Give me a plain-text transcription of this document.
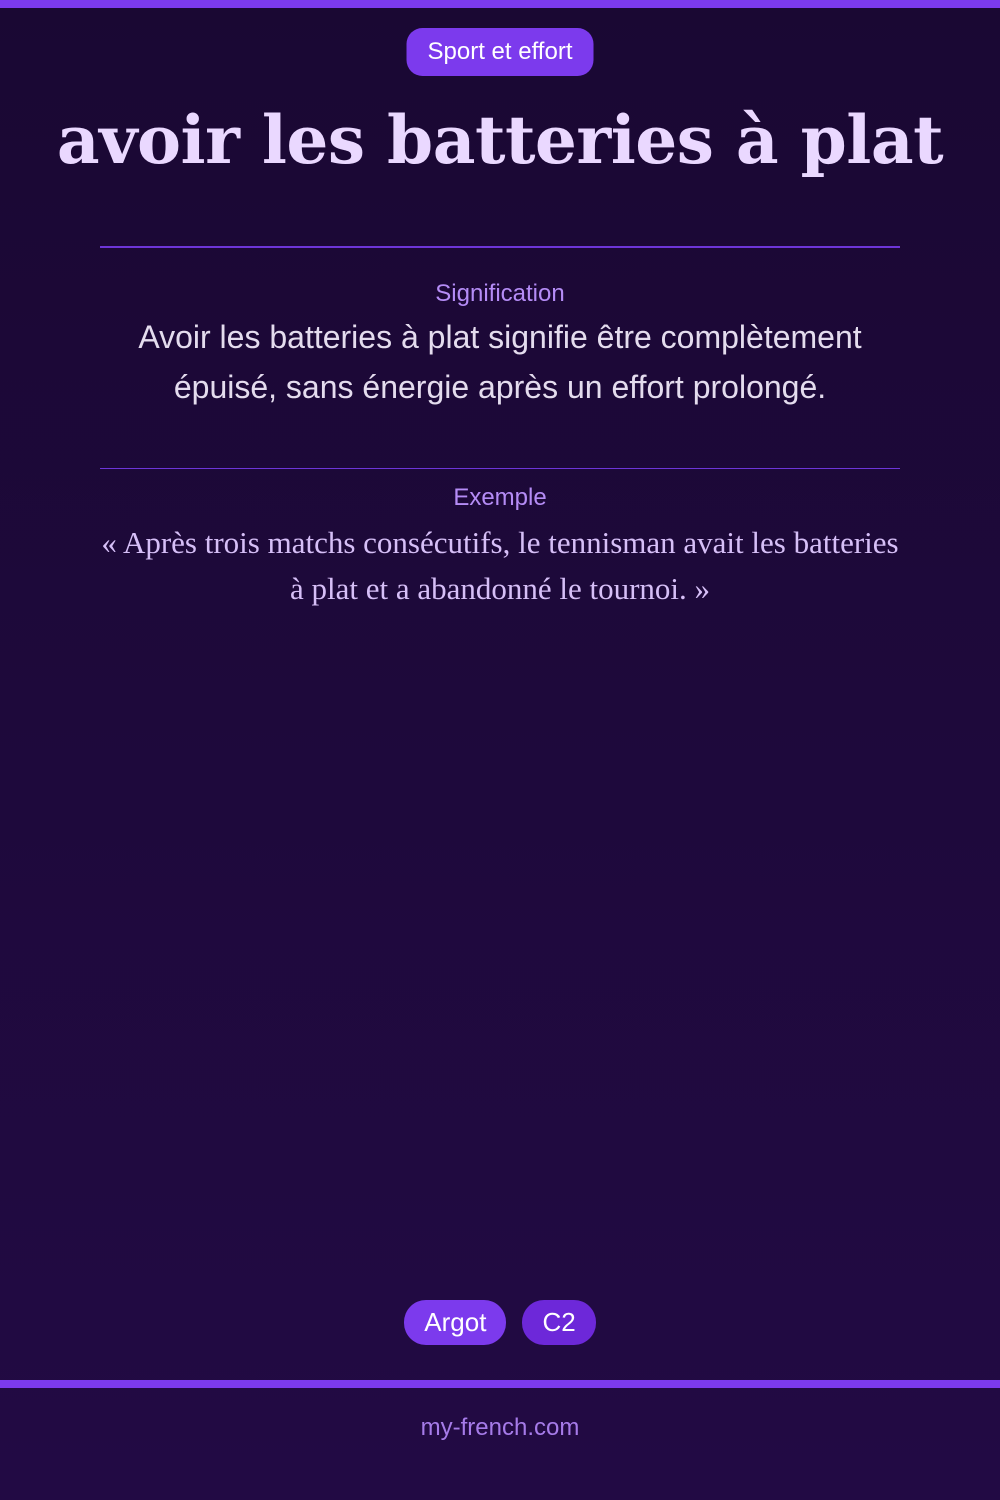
Sport et effort
avoir les batteries à plat
Signification
Avoir les batteries à plat signifie être complètement épuisé, sans énergie après un effort prolongé.
Exemple
« Après trois matchs consécutifs, le tennisman avait les batteries à plat et a abandonné le tournoi. »
Argot	C2
my-french.com
